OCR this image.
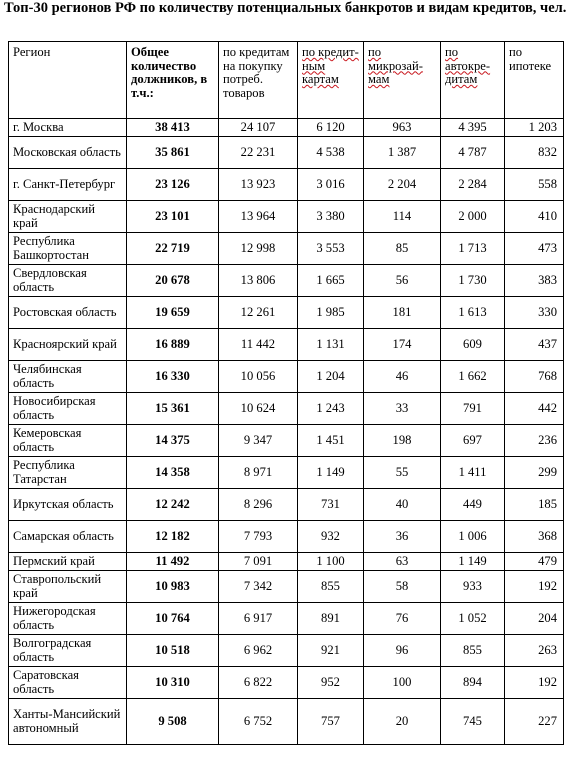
Топ-30 регионов РФ по количеству потенциальных банкротов и видам кредитов, чел.
Регион	Общее количество должников, в т.ч.:	по кредитам на покупку потреб. товаров	по кредит-ным картам	по микрозай-мам	по автокре-дитам	по ипотеке
г. Москва	38 413	24 107	6 120	963	4 395	1 203
Московская область	35 861	22 231	4 538	1 387	4 787	832
г. Санкт-Петербург	23 126	13 923	3 016	2 204	2 284	558
Краснодарский край	23 101	13 964	3 380	114	2 000	410
Республика Башкортостан	22 719	12 998	3 553	85	1 713	473
Свердловская область	20 678	13 806	1 665	56	1 730	383
Ростовская область	19 659	12 261	1 985	181	1 613	330
Красноярский край	16 889	11 442	1 131	174	609	437
Челябинская область	16 330	10 056	1 204	46	1 662	768
Новосибирская область	15 361	10 624	1 243	33	791	442
Кемеровская область	14 375	9 347	1 451	198	697	236
Республика Татарстан	14 358	8 971	1 149	55	1 411	299
Иркутская область	12 242	8 296	731	40	449	185
Самарская область	12 182	7 793	932	36	1 006	368
Пермский край	11 492	7 091	1 100	63	1 149	479
Ставропольский край	10 983	7 342	855	58	933	192
Нижегородская область	10 764	6 917	891	76	1 052	204
Волгоградская область	10 518	6 962	921	96	855	263
Саратовская область	10 310	6 822	952	100	894	192
Ханты-Мансийский автономный	9 508	6 752	757	20	745	227
